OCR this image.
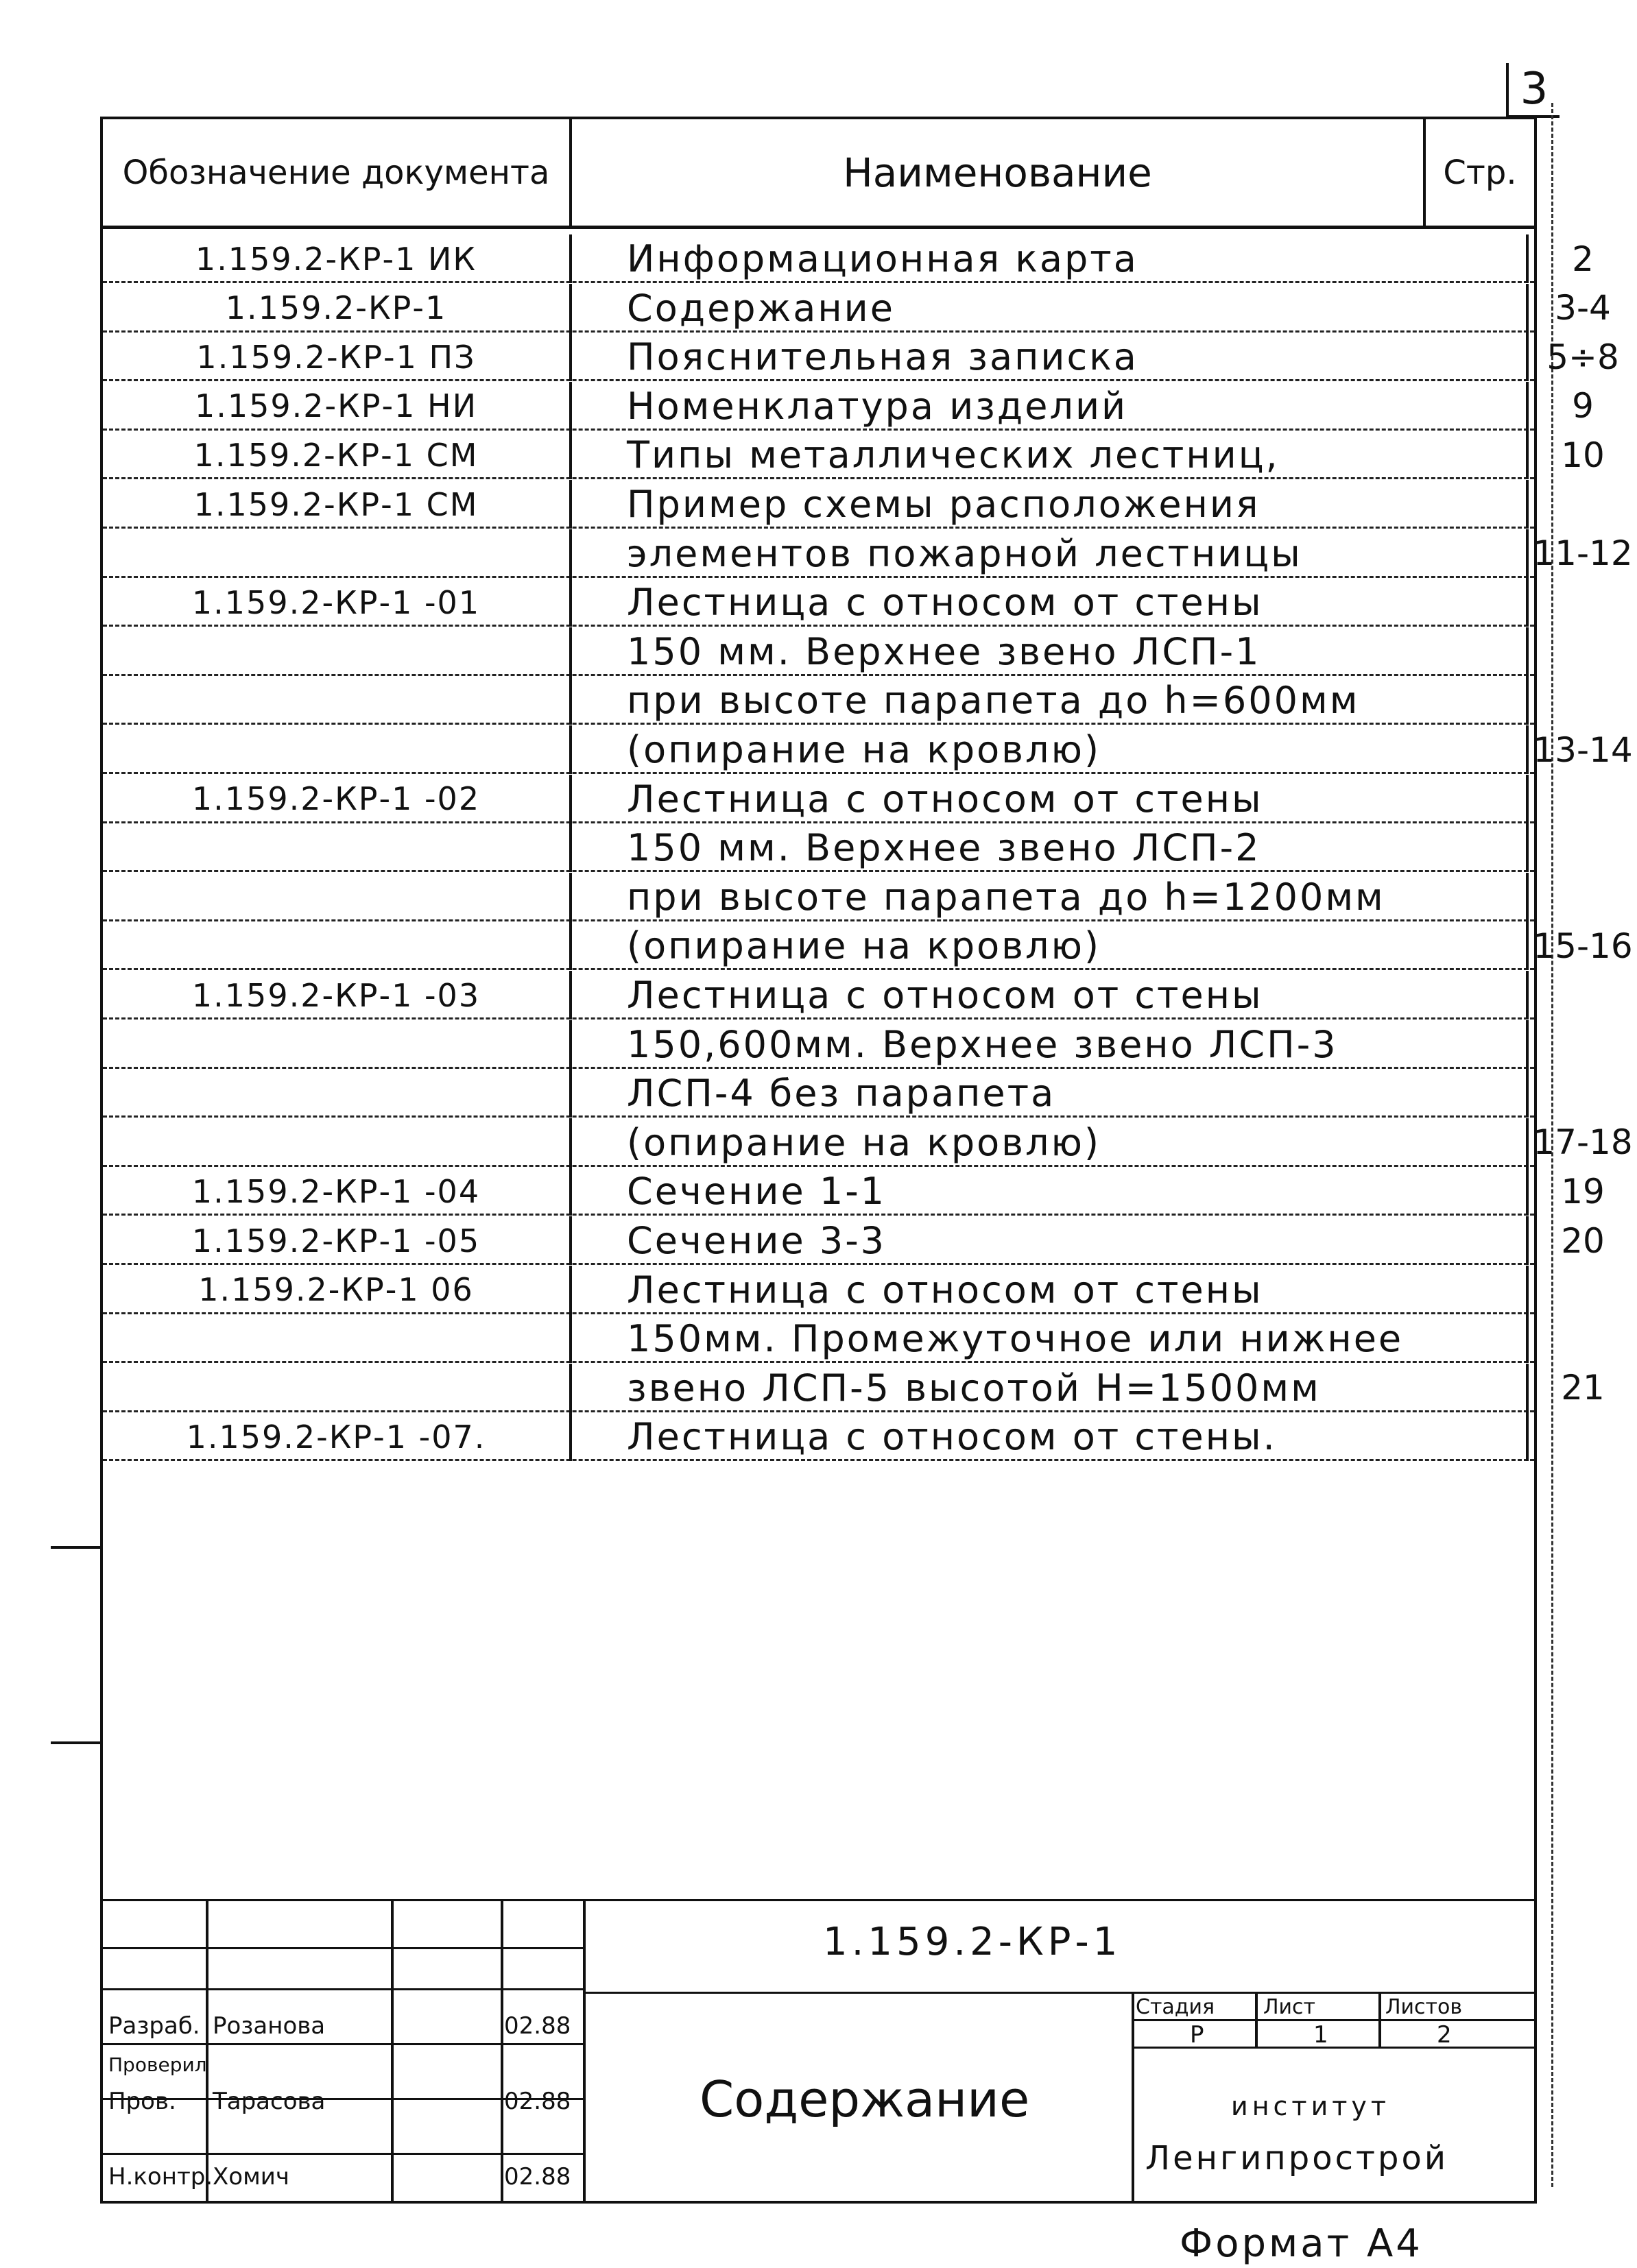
3
Обозначение документа	Наименование	Стр.
1.159.2-КР-1 ИК	Информационная карта	2
1.159.2-КР-1	Содержание	3-4
1.159.2-КР-1 ПЗ	Пояснительная записка	5÷8
1.159.2-КР-1 НИ	Номенклатура изделий	9
1.159.2-КР-1 СМ	Типы металлических лестниц,	10
1.159.2-КР-1 СМ	Пример схемы расположения
элементов пожарной лестницы	11-12
1.159.2-КР-1 -01	Лестница с относом от стены
150 мм. Верхнее звено ЛСП-1
при высоте парапета до h=600мм
(опирание на кровлю)	13-14
1.159.2-КР-1 -02	Лестница с относом от стены
150 мм. Верхнее звено ЛСП-2
при высоте парапета до h=1200мм
(опирание на кровлю)	15-16
1.159.2-КР-1 -03	Лестница с относом от стены
150,600мм. Верхнее звено ЛСП-3
ЛСП-4 без парапета
(опирание на кровлю)	17-18
1.159.2-КР-1 -04	Сечение 1-1	19
1.159.2-КР-1 -05	Сечение 3-3	20
1.159.2-КР-1 06	Лестница с относом от стены
150мм. Промежуточное или нижнее
звено ЛСП-5 высотой Н=1500мм	21
1.159.2-КР-1 -07.	Лестница с относом от стены.
1.159.2-КР-1
Содержание
Разраб. Розанова	02.88
Проверил
Пров. Тарасова	02.88
Н.контр. Хомич	02.88
Стадия Лист	Листов
Р	1	2
институт
Ленгипрострой
Формат А4
